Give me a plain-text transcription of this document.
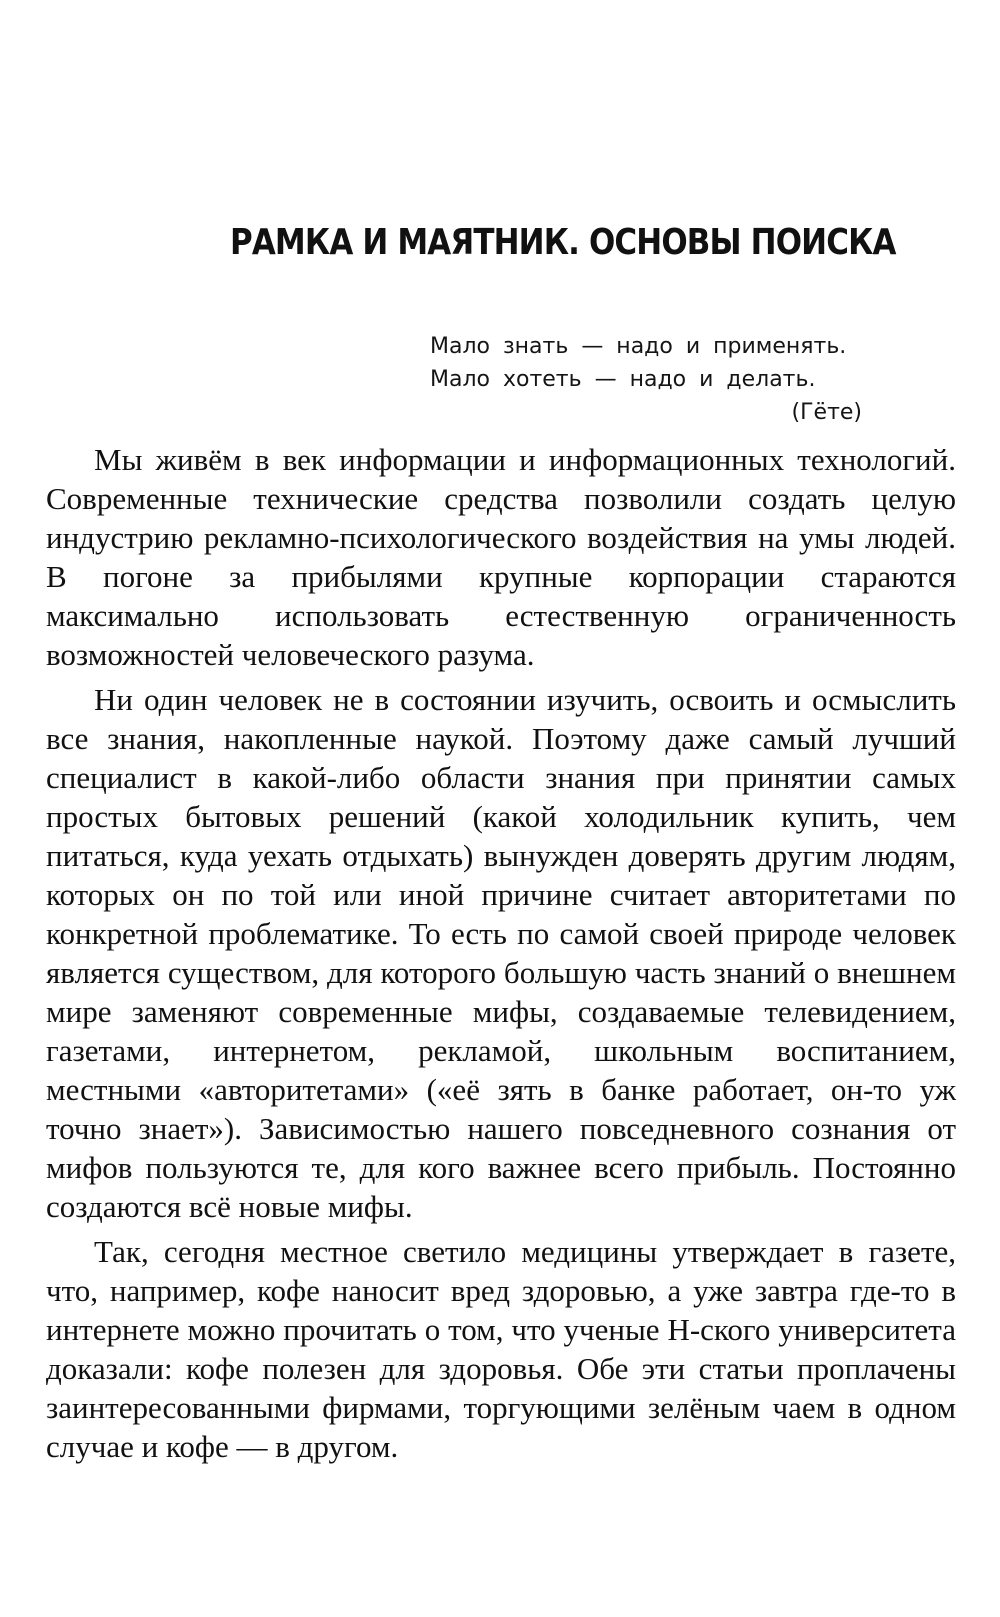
РАМКА И МАЯТНИК. ОСНОВЫ ПОИСКА
Мало знать — надо и применять.
Мало хотеть — надо и делать.
(Гёте)

Мы живём в век информации и информационных технологий. Современные технические средства позволили создать целую индустрию рекламно-психологического воздействия на умы людей. В погоне за прибылями крупные корпорации стараются максимально использовать естественную ограниченность возможностей человеческого разума.

Ни один человек не в состоянии изучить, освоить и осмыслить все знания, накопленные наукой. Поэтому даже самый лучший специалист в какой-либо области знания при принятии самых простых бытовых решений (какой холодильник купить, чем питаться, куда уехать отдыхать) вынужден доверять другим людям, которых он по той или иной причине считает авторитетами по конкретной проблематике. То есть по самой своей природе человек является существом, для которого большую часть знаний о внешнем мире заменяют современные мифы, создаваемые телевидением, газетами, интернетом, рекламой, школьным воспитанием, местными «авторитетами» («её зять в банке работает, он-то уж точно знает»). Зависимостью нашего повседневного сознания от мифов пользуются те, для кого важнее всего прибыль. Постоянно создаются всё новые мифы.

Так, сегодня местное светило медицины утверждает в газете, что, например, кофе наносит вред здоровью, а уже завтра где-то в интернете можно прочитать о том, что ученые Н-ского университета доказали: кофе полезен для здоровья. Обе эти статьи проплачены заинтересованными фирмами, торгующими зелёным чаем в одном случае и кофе — в другом.
